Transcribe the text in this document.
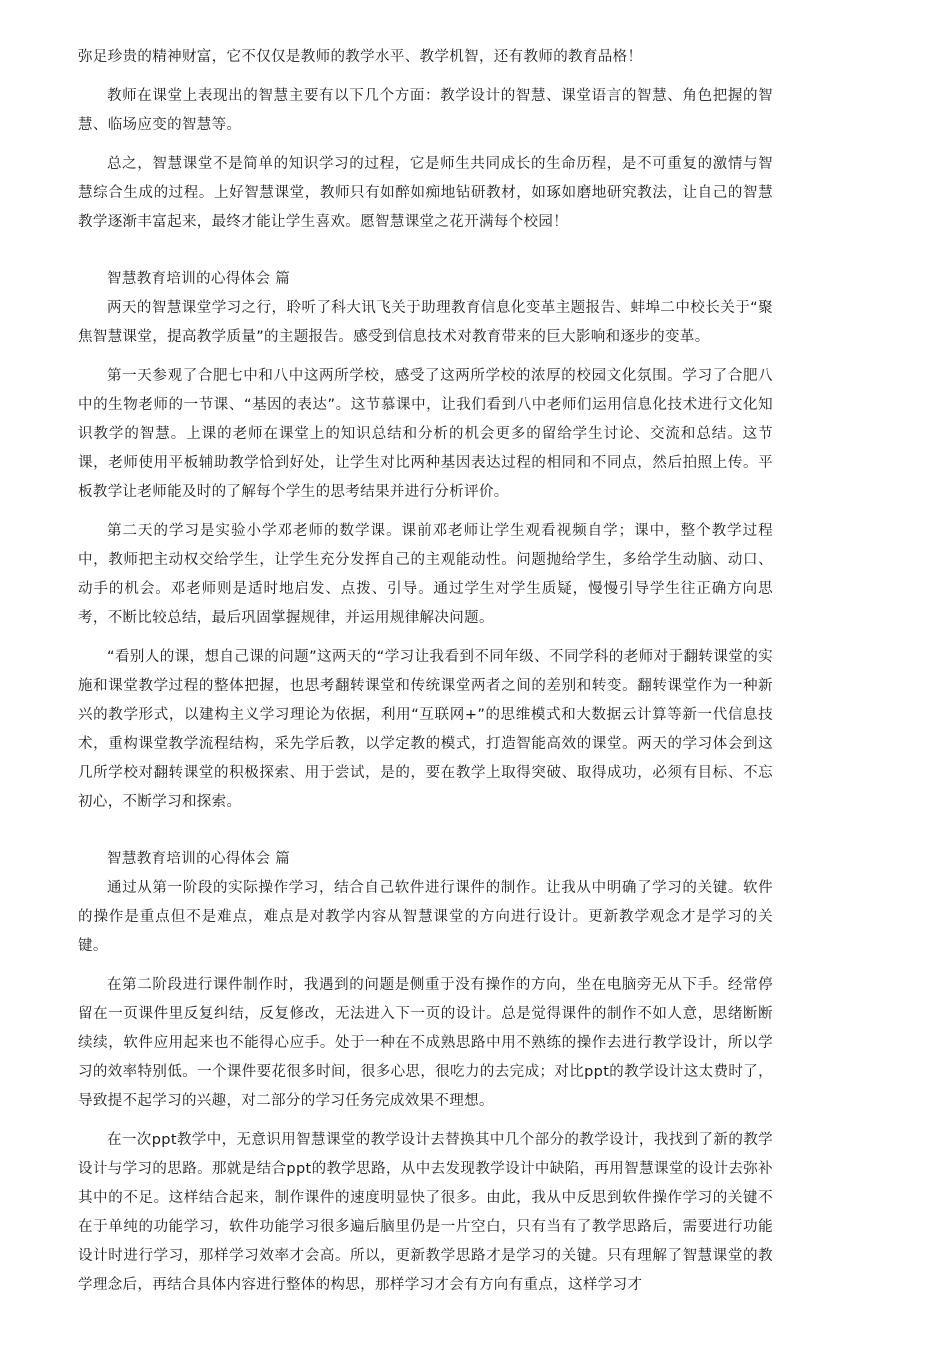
弥足珍贵的精神财富，它不仅仅是教师的教学水平、教学机智，还有教师的教育品格！

教师在课堂上表现出的智慧主要有以下几个方面：教学设计的智慧、课堂语言的智慧、角色把握的智慧、临场应变的智慧等。

总之，智慧课堂不是简单的知识学习的过程，它是师生共同成长的生命历程，是不可重复的激情与智慧综合生成的过程。上好智慧课堂，教师只有如醉如痴地钻研教材，如琢如磨地研究教法，让自己的智慧教学逐渐丰富起来，最终才能让学生喜欢。愿智慧课堂之花开满每个校园！

智慧教育培训的心得体会 篇

两天的智慧课堂学习之行，聆听了科大讯飞关于助理教育信息化变革主题报告、蚌埠二中校长关于“聚焦智慧课堂，提高教学质量”的主题报告。感受到信息技术对教育带来的巨大影响和逐步的变革。

第一天参观了合肥七中和八中这两所学校，感受了这两所学校的浓厚的校园文化氛围。学习了合肥八中的生物老师的一节课、“基因的表达”。这节慕课中，让我们看到八中老师们运用信息化技术进行文化知识教学的智慧。上课的老师在课堂上的知识总结和分析的机会更多的留给学生讨论、交流和总结。这节课，老师使用平板辅助教学恰到好处，让学生对比两种基因表达过程的相同和不同点，然后拍照上传。平板教学让老师能及时的了解每个学生的思考结果并进行分析评价。

第二天的学习是实验小学邓老师的数学课。课前邓老师让学生观看视频自学；课中，整个教学过程中，教师把主动权交给学生，让学生充分发挥自己的主观能动性。问题抛给学生，多给学生动脑、动口、动手的机会。邓老师则是适时地启发、点拨、引导。通过学生对学生质疑，慢慢引导学生往正确方向思考，不断比较总结，最后巩固掌握规律，并运用规律解决问题。

“看别人的课，想自己课的问题”这两天的“学习让我看到不同年级、不同学科的老师对于翻转课堂的实施和课堂教学过程的整体把握，也思考翻转课堂和传统课堂两者之间的差别和转变。翻转课堂作为一种新兴的教学形式，以建构主义学习理论为依据，利用“互联网+”的思维模式和大数据云计算等新一代信息技术，重构课堂教学流程结构，采先学后教，以学定教的模式，打造智能高效的课堂。两天的学习体会到这几所学校对翻转课堂的积极探索、用于尝试，是的，要在教学上取得突破、取得成功，必须有目标、不忘初心，不断学习和探索。

智慧教育培训的心得体会 篇

通过从第一阶段的实际操作学习，结合自己软件进行课件的制作。让我从中明确了学习的关键。软件的操作是重点但不是难点，难点是对教学内容从智慧课堂的方向进行设计。更新教学观念才是学习的关键。

在第二阶段进行课件制作时，我遇到的问题是侧重于没有操作的方向，坐在电脑旁无从下手。经常停留在一页课件里反复纠结，反复修改，无法进入下一页的设计。总是觉得课件的制作不如人意，思绪断断续续，软件应用起来也不能得心应手。处于一种在不成熟思路中用不熟练的操作去进行教学设计，所以学习的效率特别低。一个课件要花很多时间，很多心思，很吃力的去完成；对比ppt的教学设计这太费时了，导致提不起学习的兴趣，对二部分的学习任务完成效果不理想。

在一次ppt教学中，无意识用智慧课堂的教学设计去替换其中几个部分的教学设计，我找到了新的教学设计与学习的思路。那就是结合ppt的教学思路，从中去发现教学设计中缺陷，再用智慧课堂的设计去弥补其中的不足。这样结合起来，制作课件的速度明显快了很多。由此，我从中反思到软件操作学习的关键不在于单纯的功能学习，软件功能学习很多遍后脑里仍是一片空白，只有当有了教学思路后，需要进行功能设计时进行学习，那样学习效率才会高。所以，更新教学思路才是学习的关键。只有理解了智慧课堂的教学理念后，再结合具体内容进行整体的构思，那样学习才会有方向有重点，这样学习才
